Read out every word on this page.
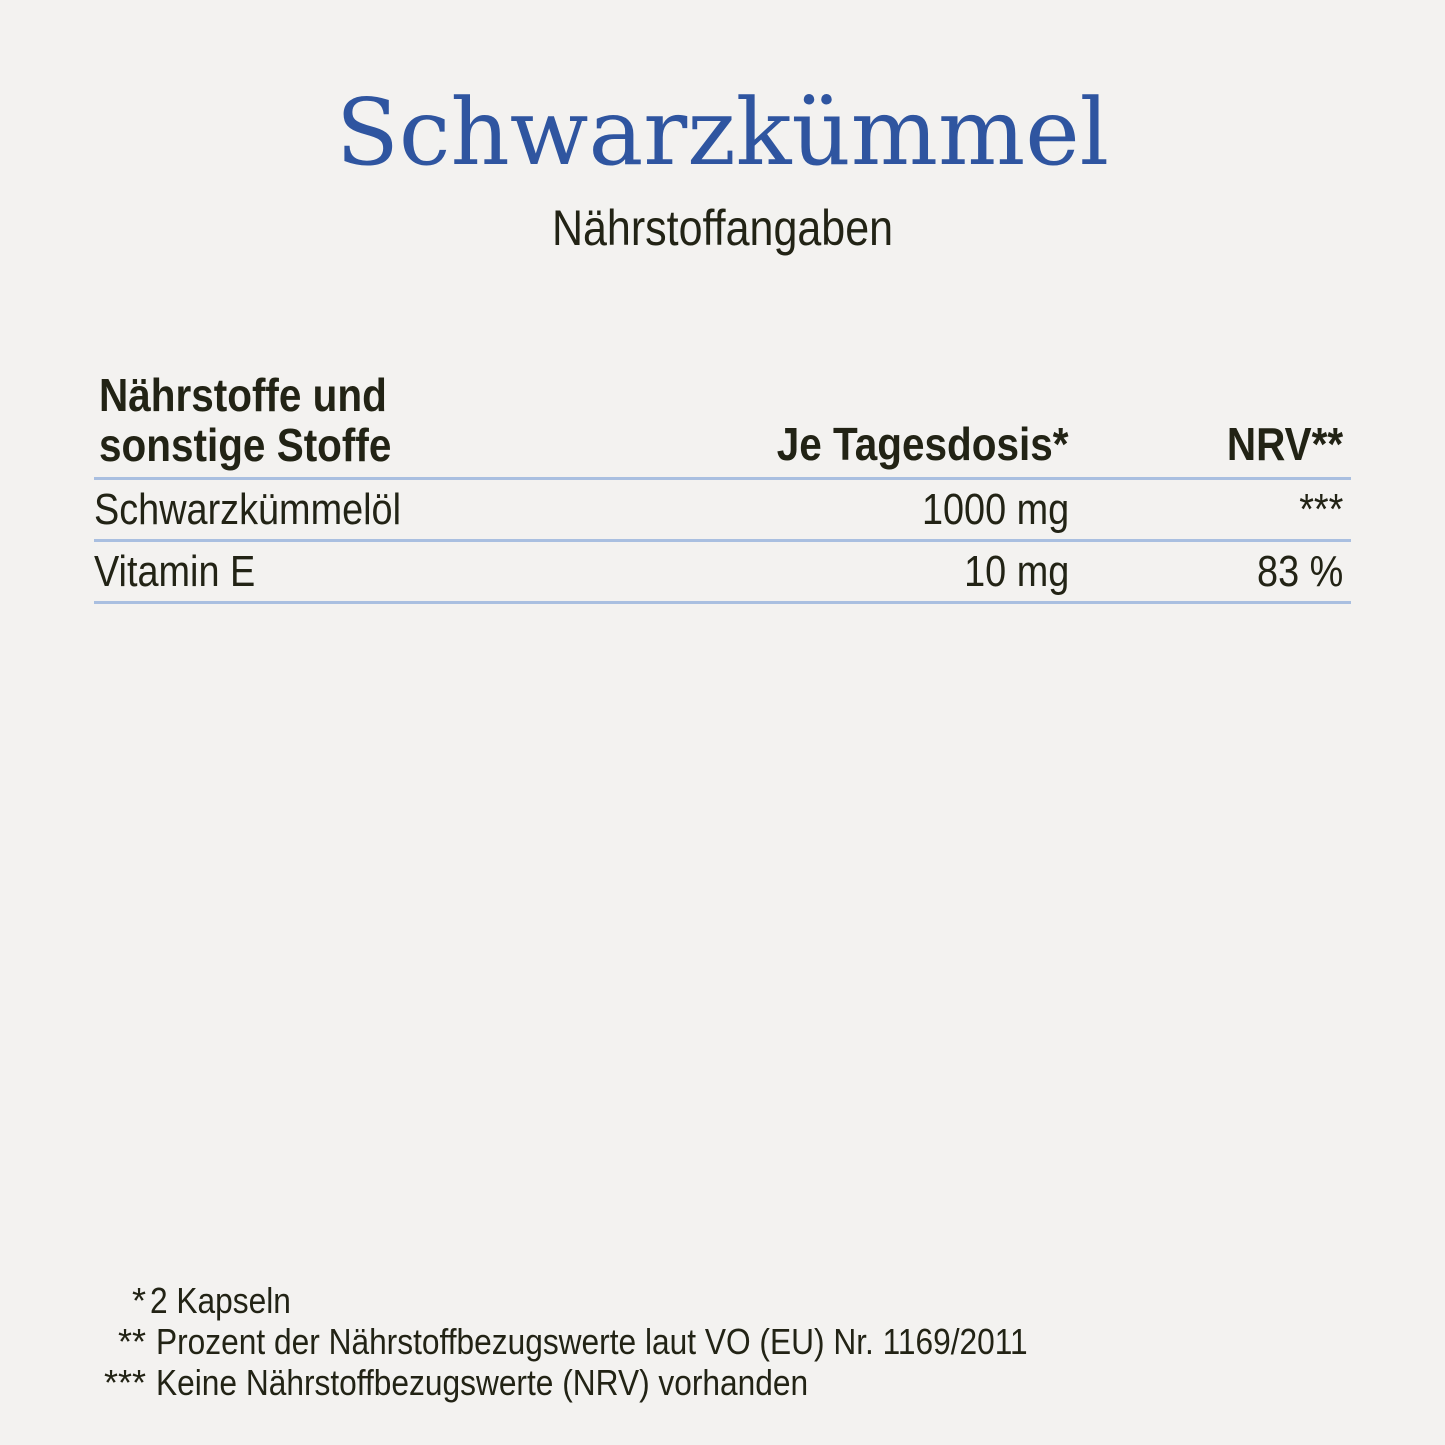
Schwarzkümmel
Nährstoffangaben
Nährstoffe und sonstige Stoffe	Je Tagesdosis*	NRV**
Schwarzkümmelöl	1000 mg	***
Vitamin E	10 mg	83 %
* 2 Kapseln
** Prozent der Nährstoffbezugswerte laut VO (EU) Nr. 1169/2011
*** Keine Nährstoffbezugswerte (NRV) vorhanden
